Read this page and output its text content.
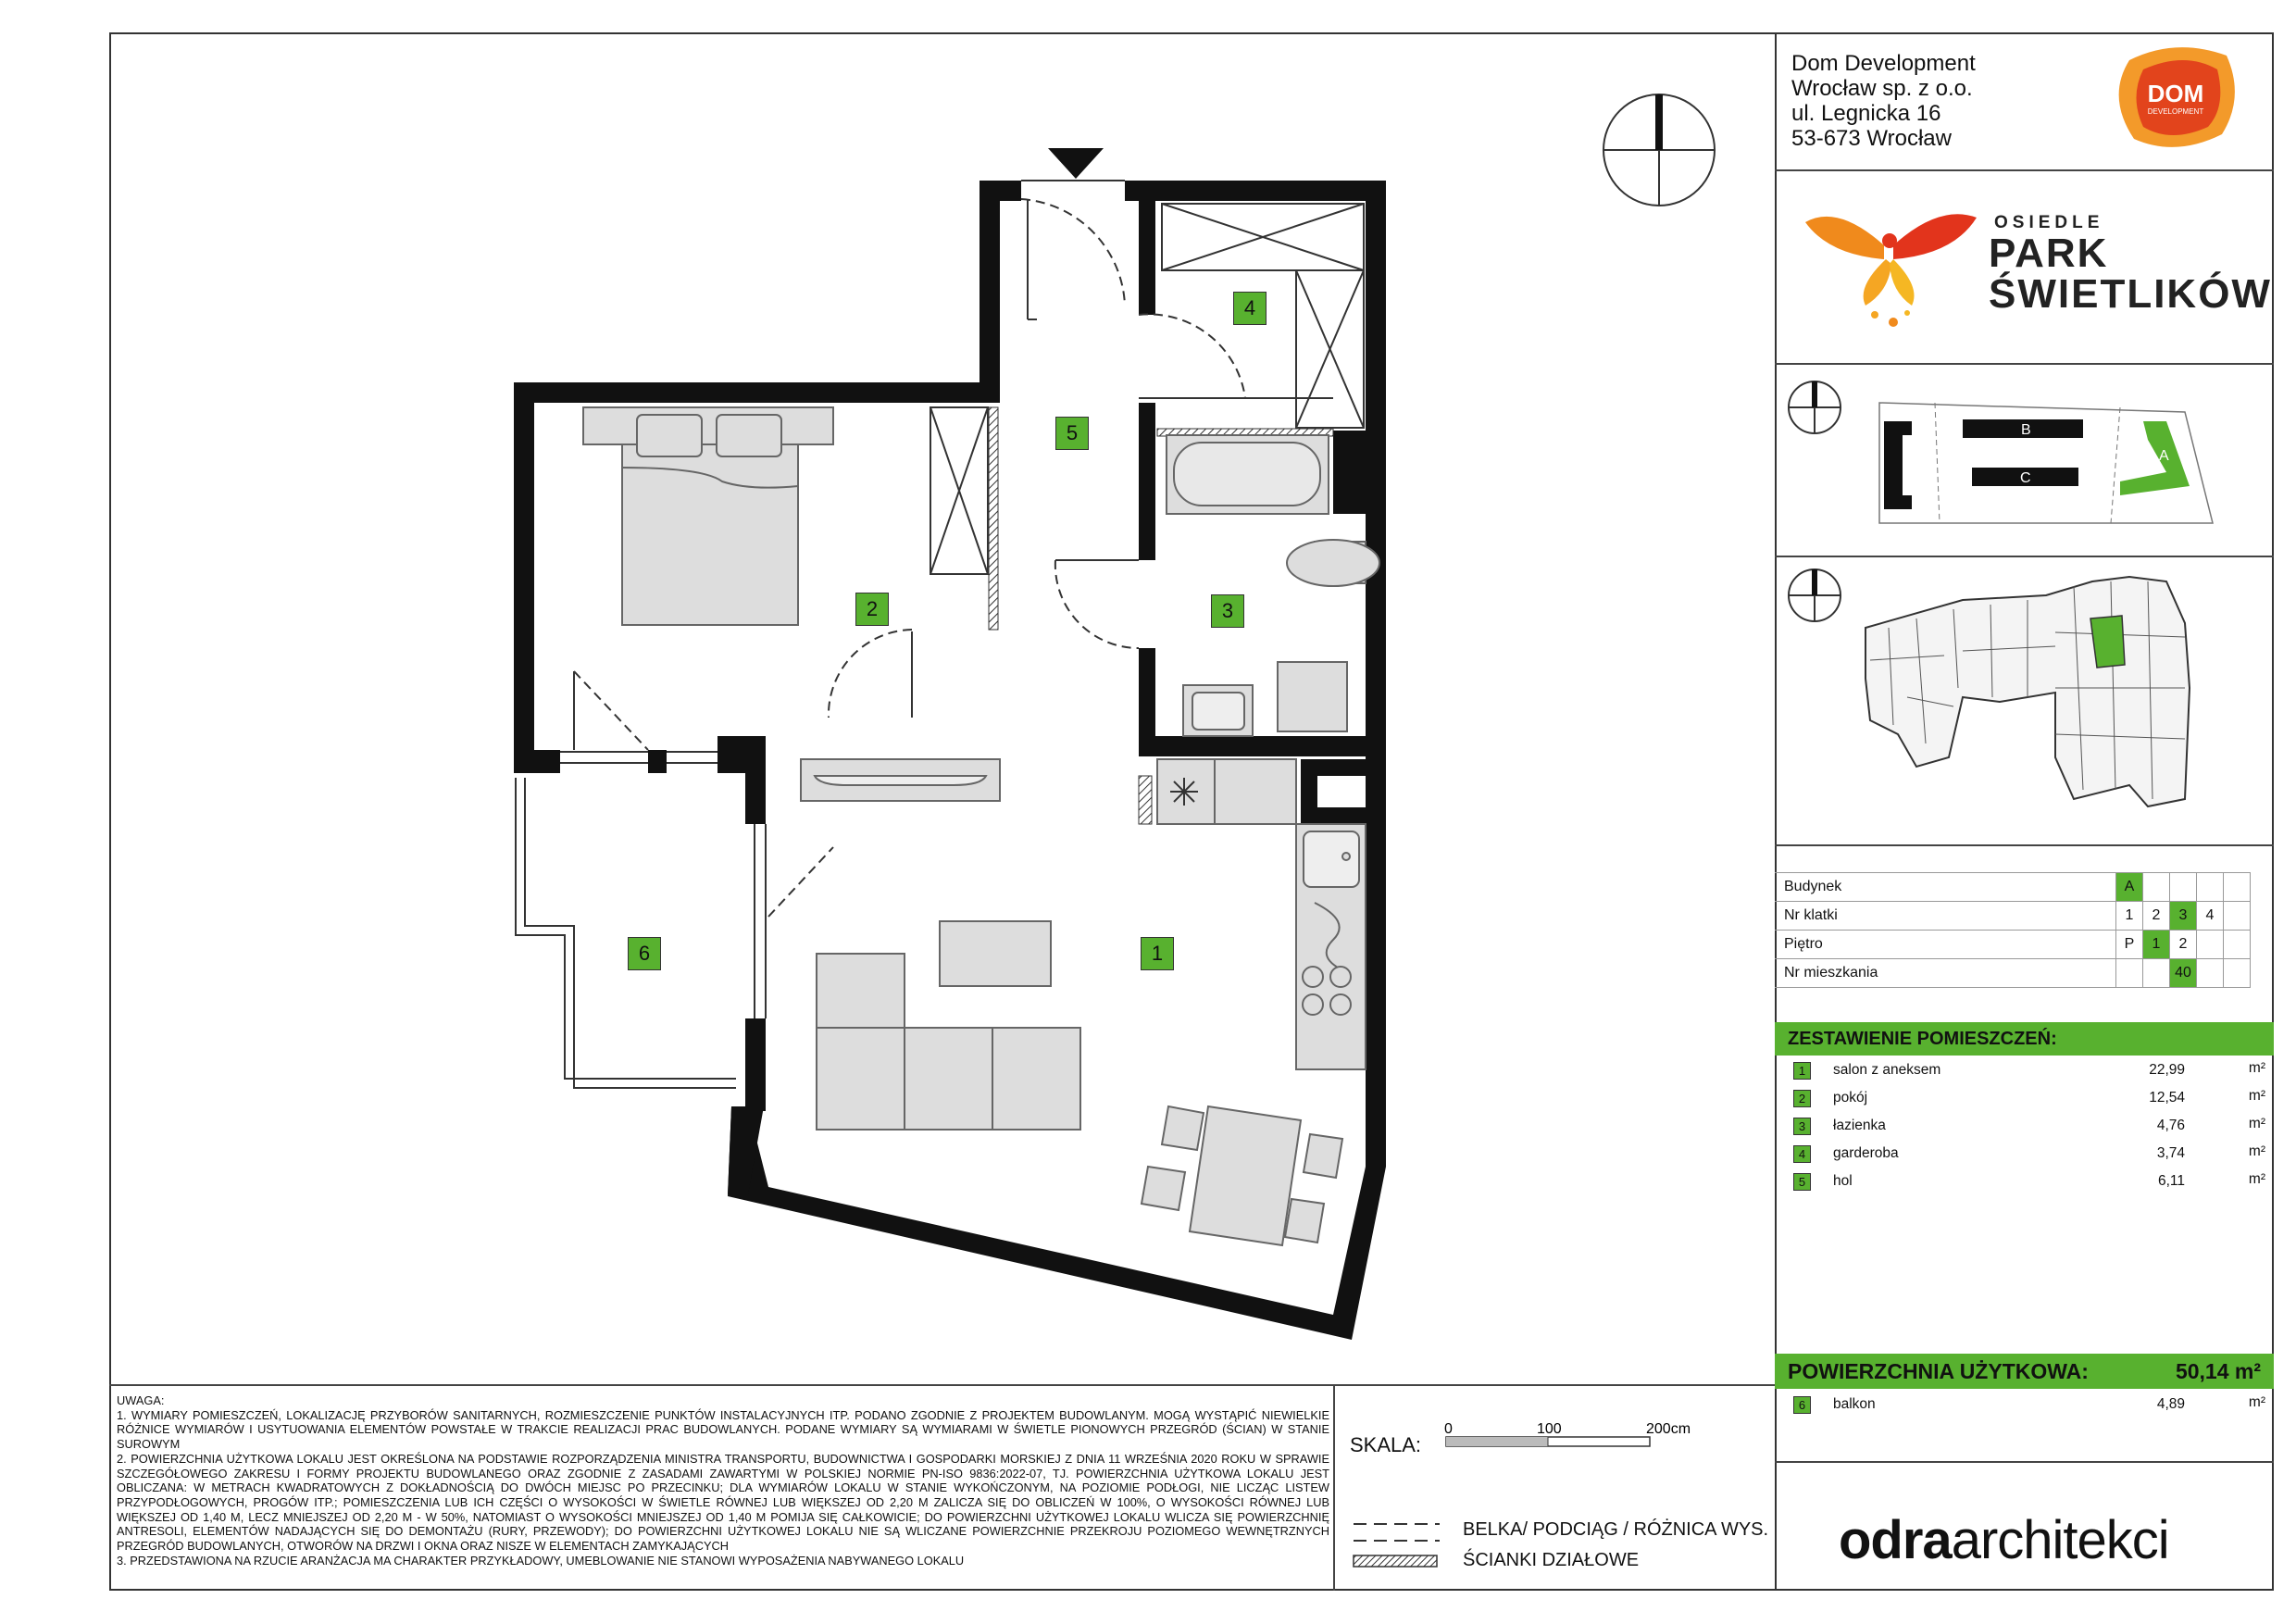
1
2	3
4
5
6
Dom Development
Wrocław sp. z o.o.
ul. Legnicka 16
53-673 Wrocław
DOM
DEVELOPMENT
OSIEDLE
PARK
ŚWIETLIKÓW
D
B
C
A
Budynek	A				
Nr klatki	1	2	3	4	
Piętro	P	1	2		
Nr mieszkania			40		
ZESTAWIENIE POMIESZCZEŃ:
1	salon z aneksem	22,99	m²
2	pokój	12,54	m²
3	łazienka	4,76	m²
4	garderoba	3,74	m²
5	hol	6,11	m²
POWIERZCHNIA UŻYTKOWA:	50,14 m²
6	balkon	4,89	m²
odraarchitekci

UWAGA:

1. WYMIARY POMIESZCZEŃ, LOKALIZACJĘ PRZYBORÓW SANITARNYCH, ROZMIESZCZENIE PUNKTÓW INSTALACYJNYCH ITP. PODANO ZGODNIE Z PROJEKTEM BUDOWLANYM. MOGĄ WYSTĄPIĆ NIEWIELKIE RÓŻNICE WYMIARÓW I USYTUOWANIA ELEMENTÓW POWSTAŁE W TRAKCIE REALIZACJI PRAC BUDOWLANYCH. PODANE WYMIARY SĄ WYMIARAMI W ŚWIETLE PIONOWYCH PRZEGRÓD (ŚCIAN) W STANIE SUROWYM

2. POWIERZCHNIA UŻYTKOWA LOKALU JEST OKREŚLONA NA PODSTAWIE ROZPORZĄDZENIA MINISTRA TRANSPORTU, BUDOWNICTWA I GOSPODARKI MORSKIEJ Z DNIA 11 WRZEŚNIA 2020 ROKU W SPRAWIE SZCZEGÓŁOWEGO ZAKRESU I FORMY PROJEKTU BUDOWLANEGO ORAZ ZGODNIE Z ZASADAMI ZAWARTYMI W POLSKIEJ NORMIE PN-ISO 9836:2022-07, TJ. POWIERZCHNIA UŻYTKOWA LOKALU JEST OBLICZANA: W METRACH KWADRATOWYCH Z DOKŁADNOŚCIĄ DO DWÓCH MIEJSC PO PRZECINKU; DLA WYMIARÓW LOKALU W STANIE WYKOŃCZONYM, NA POZIOMIE PODŁOGI, NIE LICZĄC LISTEW PRZYPODŁOGOWYCH, PROGÓW ITP.; POMIESZCZENIA LUB ICH CZĘŚCI O WYSOKOŚCI W ŚWIETLE RÓWNEJ LUB WIĘKSZEJ OD 2,20 M ZALICZA SIĘ DO OBLICZEŃ W 100%, O WYSOKOŚCI RÓWNEJ LUB WIĘKSZEJ OD 1,40 M, LECZ MNIEJSZEJ OD 2,20 M - W 50%, NATOMIAST O WYSOKOŚCI MNIEJSZEJ OD 1,40 M POMIJA SIĘ CAŁKOWICIE; DO POWIERZCHNI UŻYTKOWEJ LOKALU WLICZA SIĘ POWIERZCHNIĘ ANTRESOLI, ELEMENTÓW NADAJĄCYCH SIĘ DO DEMONTAŻU (RURY, PRZEWODY); DO POWIERZCHNI UŻYTKOWEJ LOKALU NIE SĄ WLICZANE POWIERZCHNIE PRZEKROJU POZIOMEGO WEWNĘTRZNYCH PRZEGRÓD BUDOWLANYCH, OTWORÓW NA DRZWI I OKNA ORAZ NISZE W ELEMENTACH ZAMYKAJĄCYCH

3. PRZEDSTAWIONA NA RZUCIE ARANŻACJA MA CHARAKTER PRZYKŁADOWY, UMEBLOWANIE NIE STANOWI WYPOSAŻENIA NABYWANEGO LOKALU

SKALA:
0	100	200cm
BELKA/ PODCIĄG / RÓŻNICA WYS.
ŚCIANKI DZIAŁOWE
